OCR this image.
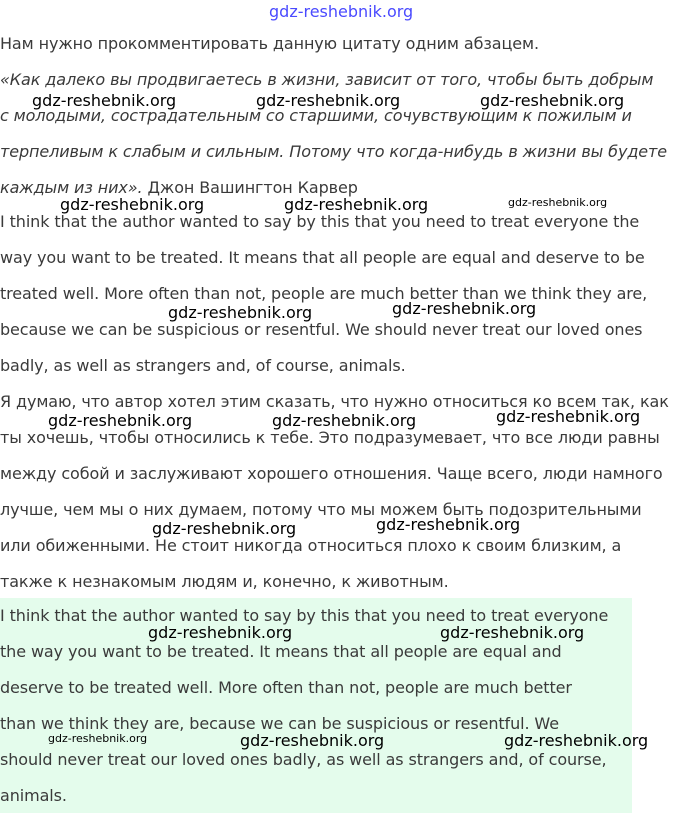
gdz-reshebnik.org

Нам нужно прокомментировать данную цитату одним абзацем.

«Как далеко вы продвигаетесь в жизни, зависит от того, чтобы быть добрым

с молодыми, сострадательным со старшими, сочувствующим к пожилым и

терпеливым к слабым и сильным. Потому что когда-нибудь в жизни вы будете

каждым из них». Джон Вашингтон Карвер

I think that the author wanted to say by this that you need to treat everyone the

way you want to be treated. It means that all people are equal and deserve to be

treated well. More often than not, people are much better than we think they are,

because we can be suspicious or resentful. We should never treat our loved ones

badly, as well as strangers and, of course, animals.

Я думаю, что автор хотел этим сказать, что нужно относиться ко всем так, как

ты хочешь, чтобы относились к тебе. Это подразумевает, что все люди равны

между собой и заслуживают хорошего отношения. Чаще всего, люди намного

лучше, чем мы о них думаем, потому что мы можем быть подозрительными

или обиженными. Не стоит никогда относиться плохо к своим близким, а

также к незнакомым людям и, конечно, к животным.

I think that the author wanted to say by this that you need to treat everyone

the way you want to be treated. It means that all people are equal and

deserve to be treated well. More often than not, people are much better

than we think they are, because we can be suspicious or resentful. We

should never treat our loved ones badly, as well as strangers and, of course,

animals.

gdz-reshebnik.org	gdz-reshebnik.org	gdz-reshebnik.org
gdz-reshebnik.org	gdz-reshebnik.org	gdz-reshebnik.org
gdz-reshebnik.org	gdz-reshebnik.org
gdz-reshebnik.org	gdz-reshebnik.org	gdz-reshebnik.org
gdz-reshebnik.org	gdz-reshebnik.org
gdz-reshebnik.org	gdz-reshebnik.org
gdz-reshebnik.org	gdz-reshebnik.org	gdz-reshebnik.org
